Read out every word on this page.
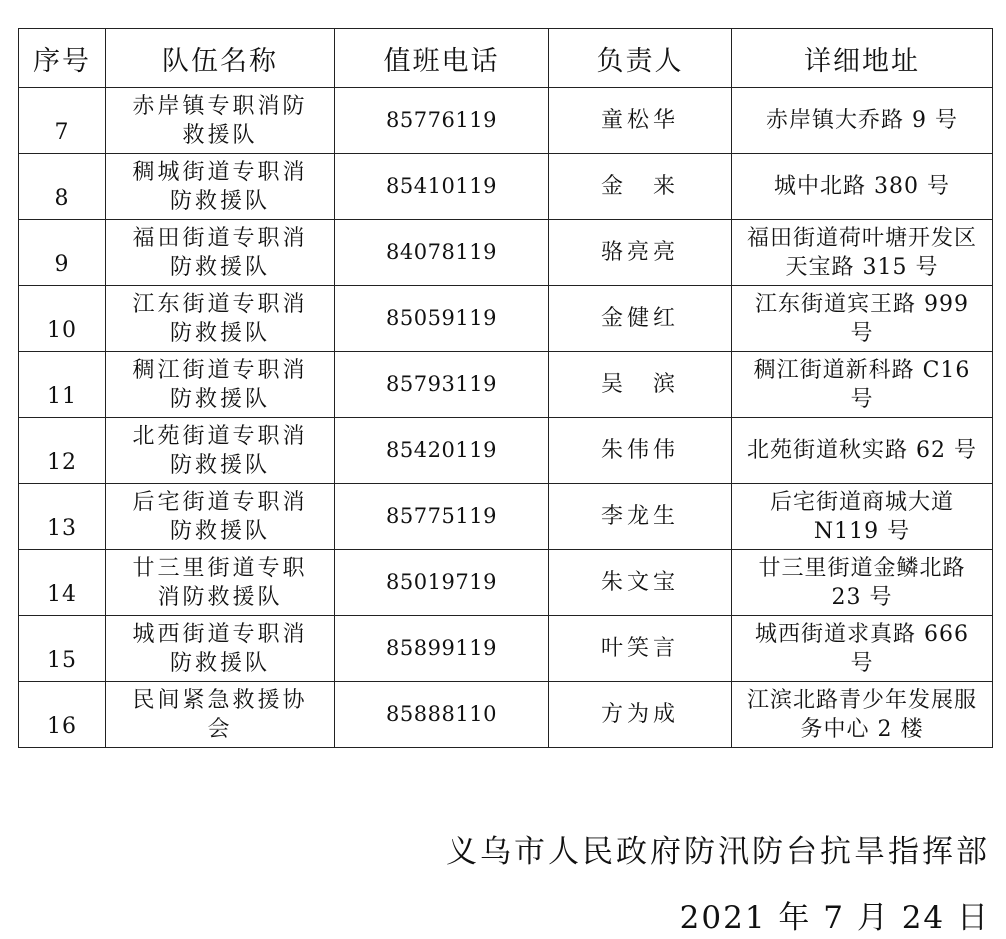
序号	队伍名称	值班电话	负责人	详细地址
7	赤岸镇专职消防救援队	85776119	童松华	赤岸镇大乔路 9 号
8	稠城街道专职消防救援队	85410119	金　来	城中北路 380 号
9	福田街道专职消防救援队	84078119	骆亮亮	福田街道荷叶塘开发区天宝路 315 号
10	江东街道专职消防救援队	85059119	金健红	江东街道宾王路 999 号
11	稠江街道专职消防救援队	85793119	吴　滨	稠江街道新科路 C16 号
12	北苑街道专职消防救援队	85420119	朱伟伟	北苑街道秋实路 62 号
13	后宅街道专职消防救援队	85775119	李龙生	后宅街道商城大道 N119 号
14	廿三里街道专职消防救援队	85019719	朱文宝	廿三里街道金鳞北路 23 号
15	城西街道专职消防救援队	85899119	叶笑言	城西街道求真路 666 号
16	民间紧急救援协会	85888110	方为成	江滨北路青少年发展服务中心 2 楼
义乌市人民政府防汛防台抗旱指挥部
2021 年 7 月 24 日
